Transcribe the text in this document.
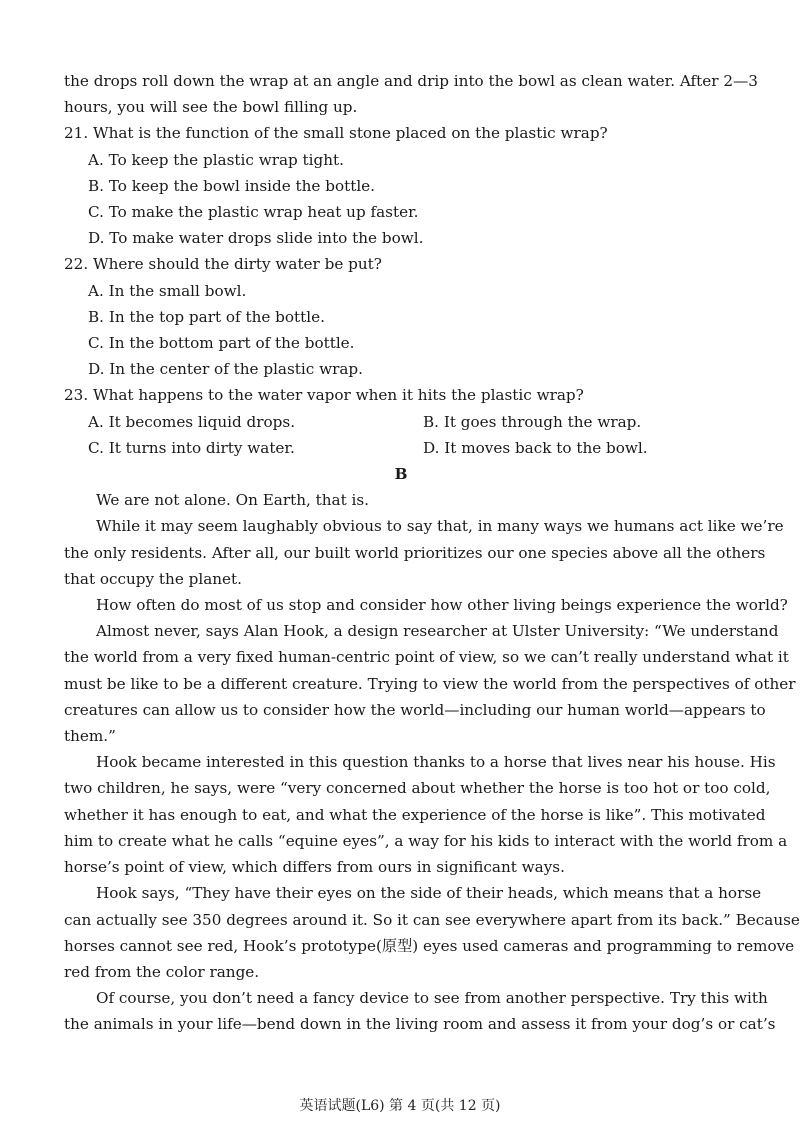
the drops roll down the wrap at an angle and drip into the bowl as clean water. After 2—3
hours, you will see the bowl filling up.
21. What is the function of the small stone placed on the plastic wrap?
A. To keep the plastic wrap tight.
B. To keep the bowl inside the bottle.
C. To make the plastic wrap heat up faster.
D. To make water drops slide into the bowl.
22. Where should the dirty water be put?
A. In the small bowl.
B. In the top part of the bottle.
C. In the bottom part of the bottle.
D. In the center of the plastic wrap.
23. What happens to the water vapor when it hits the plastic wrap?
A. It becomes liquid drops.	B. It goes through the wrap.
C. It turns into dirty water.	D. It moves back to the bowl.
B
We are not alone. On Earth, that is.
While it may seem laughably obvious to say that, in many ways we humans act like we’re
the only residents. After all, our built world prioritizes our one species above all the others
that occupy the planet.
How often do most of us stop and consider how other living beings experience the world?
Almost never, says Alan Hook, a design researcher at Ulster University: “We understand
the world from a very fixed human-centric point of view, so we can’t really understand what it
must be like to be a different creature. Trying to view the world from the perspectives of other
creatures can allow us to consider how the world—including our human world—appears to
them.”
Hook became interested in this question thanks to a horse that lives near his house. His
two children, he says, were “very concerned about whether the horse is too hot or too cold,
whether it has enough to eat, and what the experience of the horse is like”. This motivated
him to create what he calls “equine eyes”, a way for his kids to interact with the world from a
horse’s point of view, which differs from ours in significant ways.
Hook says, “They have their eyes on the side of their heads, which means that a horse
can actually see 350 degrees around it. So it can see everywhere apart from its back.” Because
horses cannot see red, Hook’s prototype(原型) eyes used cameras and programming to remove
red from the color range.
Of course, you don’t need a fancy device to see from another perspective. Try this with
the animals in your life—bend down in the living room and assess it from your dog’s or cat’s
英语试题(L6) 第 4 页(共 12 页)
